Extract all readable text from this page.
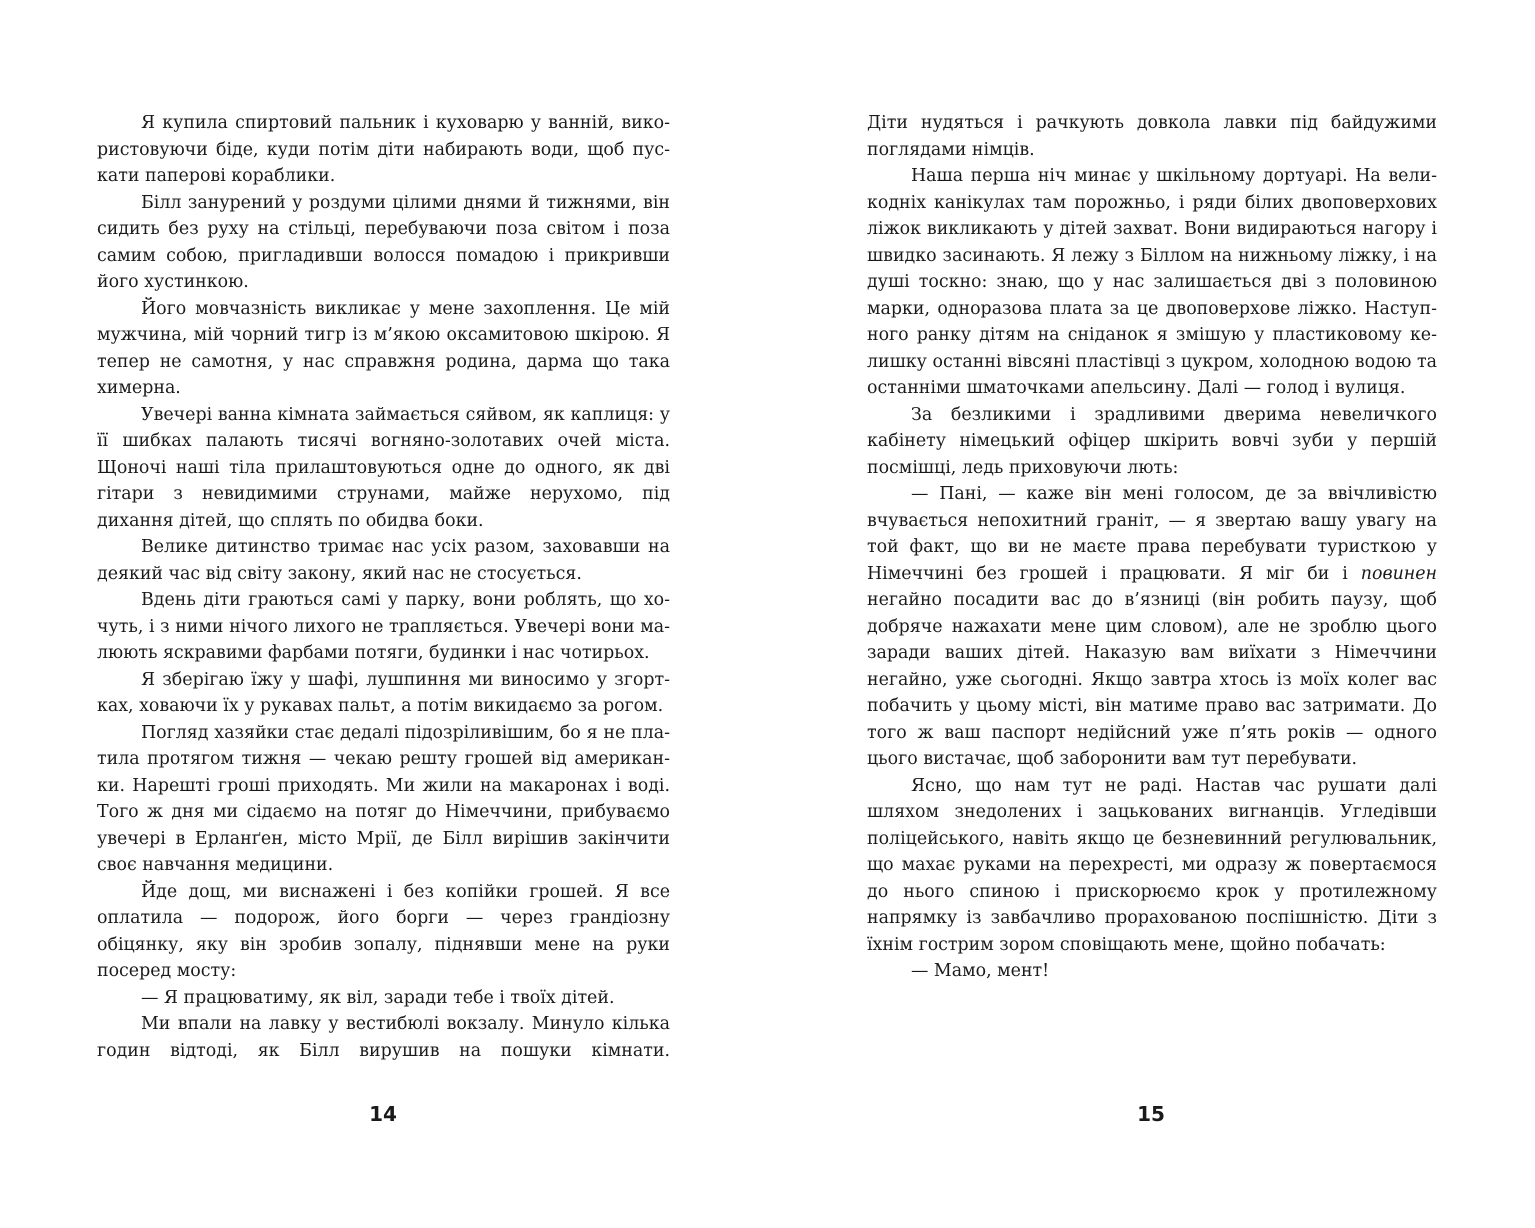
Я купила спиртовий пальник і куховарю у ванній, використовуючи біде, куди потім діти набирають води, щоб пускати паперові кораблики.

Білл занурений у роздуми цілими днями й тижнями, він сидить без руху на стільці, перебуваючи поза світом і поза самим собою, пригладивши волосся помадою і прикривши його хустинкою.

Його мовчазність викликає у мене захоплення. Це мій мужчина, мій чорний тигр із м’якою оксамитовою шкірою. Я тепер не самотня, у нас справжня родина, дарма що така химерна.

Увечері ванна кімната займається сяйвом, як каплиця: у її шибках палають тисячі вогняно-золотавих очей міста. Щоночі наші тіла прилаштовуються одне до одного, як дві гітари з невидимими струнами, майже нерухомо, під дихання дітей, що сплять по обидва боки.

Велике дитинство тримає нас усіх разом, заховавши на деякий час від світу закону, який нас не стосується.

Вдень діти граються самі у парку, вони роблять, що хочуть, і з ними нічого лихого не трапляється. Увечері вони малюють яскравими фарбами потяги, будинки і нас чотирьох.

Я зберігаю їжу у шафі, лушпиння ми виносимо у згортках, ховаючи їх у рукавах пальт, а потім викидаємо за рогом.

Погляд хазяйки стає дедалі підозріливішим, бо я не платила протягом тижня — чекаю решту грошей від американки. Нарешті гроші приходять. Ми жили на макаронах і воді. Того ж дня ми сідаємо на потяг до Німеччини, прибуваємо увечері в Ерланґен, місто Мрії, де Білл вирішив закінчити своє навчання медицини.

Йде дощ, ми виснажені і без копійки грошей. Я все оплатила — подорож, його борги — через грандіозну обіцянку, яку він зробив зопалу, піднявши мене на руки посеред мосту:

— Я працюватиму, як віл, заради тебе і твоїх дітей.

Ми впали на лавку у вестибюлі вокзалу. Минуло кілька годин відтоді, як Білл вирушив на пошуки кімнати.

Діти нудяться і рачкують довкола лавки під байдужими поглядами німців.

Наша перша ніч минає у шкільному дортуарі. На великодніх канікулах там порожньо, і ряди білих двоповерхових ліжок викликають у дітей захват. Вони видираються нагору і швидко засинають. Я лежу з Біллом на нижньому ліжку, і на душі тоскно: знаю, що у нас залишається дві з половиною марки, одноразова плата за це двоповерхове ліжко. Наступного ранку дітям на сніданок я змішую у пластиковому келишку останні вівсяні пластівці з цукром, холодною водою та останніми шматочками апельсину. Далі — голод і вулиця.

За безликими і зрадливими дверима невеличкого кабінету німецький офіцер шкірить вовчі зуби у першій посмішці, ледь приховуючи лють:

— Пані, — каже він мені голосом, де за ввічливістю вчувається непохитний граніт, — я звертаю вашу увагу на той факт, що ви не маєте права перебувати туристкою у Німеччині без грошей і працювати. Я міг би і повинен негайно посадити вас до в’язниці (він робить паузу, щоб добряче нажахати мене цим словом), але не зроблю цього заради ваших дітей. Наказую вам виїхати з Німеччини негайно, уже сьогодні. Якщо завтра хтось із моїх колег вас побачить у цьому місті, він матиме право вас затримати. До того ж ваш паспорт недійсний уже п’ять років — одного цього вистачає, щоб заборонити вам тут перебувати.

Ясно, що нам тут не раді. Настав час рушати далі шляхом знедолених і зацькованих вигнанців. Угледівши поліцейського, навіть якщо це безневинний регулювальник, що махає руками на перехресті, ми одразу ж повертаємося до нього спиною і прискорюємо крок у протилежному напрямку із завбачливо прорахованою поспішністю. Діти з їхнім гострим зором сповіщають мене, щойно побачать:

— Мамо, мент!

14	15
